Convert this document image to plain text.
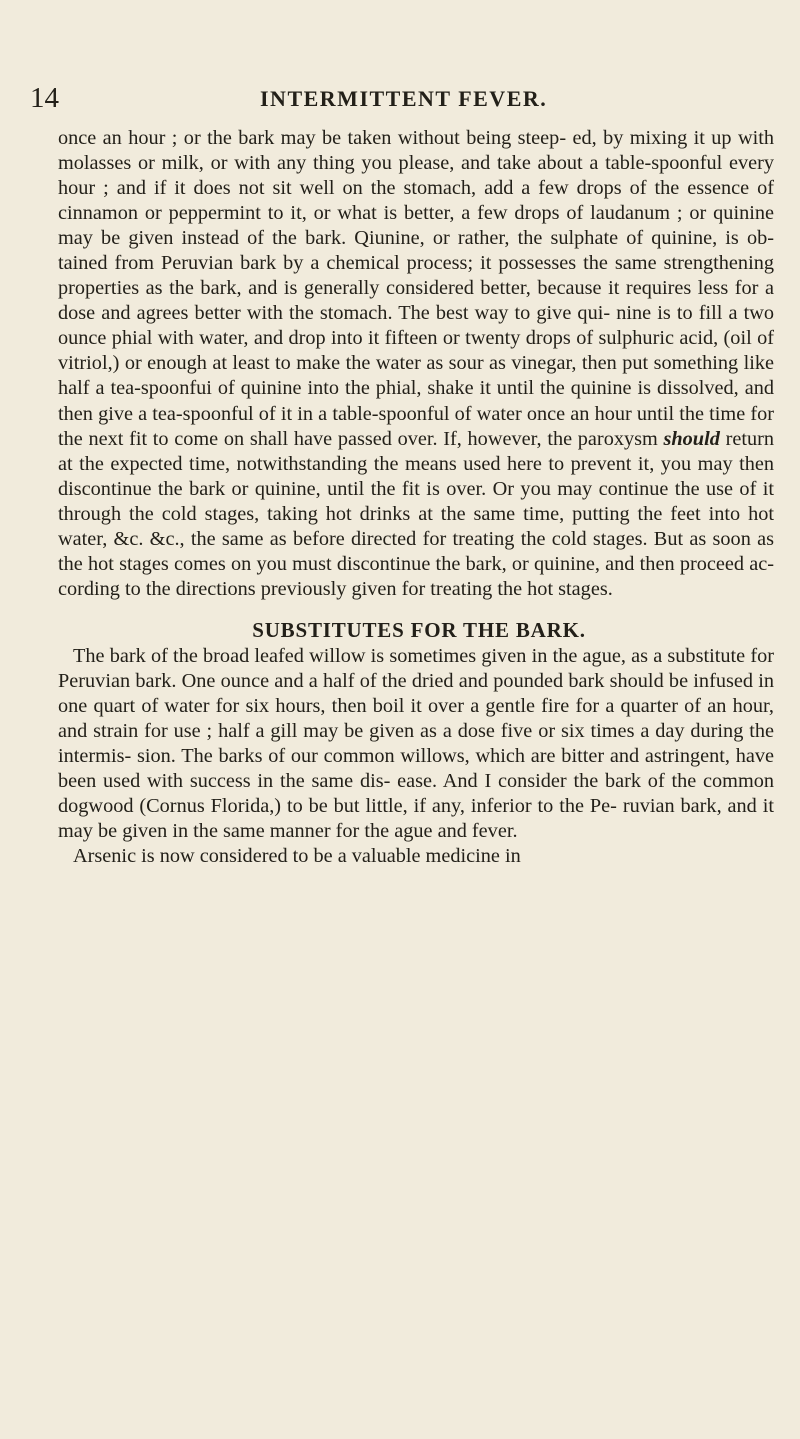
14	INTERMITTENT FEVER.

once an hour ; or the bark may be taken without being steep- ed, by mixing it up with molasses or milk, or with any thing you please, and take about a table-spoonful every hour ; and if it does not sit well on the stomach, add a few drops of the essence of cinnamon or peppermint to it, or what is better, a few drops of laudanum ; or quinine may be given instead of the bark. Qiunine, or rather, the sulphate of quinine, is ob- tained from Peruvian bark by a chemical process; it possesses the same strengthening properties as the bark, and is generally considered better, because it requires less for a dose and agrees better with the stomach. The best way to give qui- nine is to fill a two ounce phial with water, and drop into it fifteen or twenty drops of sulphuric acid, (oil of vitriol,) or enough at least to make the water as sour as vinegar, then put something like half a tea-spoonfui of quinine into the phial, shake it until the quinine is dissolved, and then give a tea-spoonful of it in a table-spoonful of water once an hour until the time for the next fit to come on shall have passed over. If, however, the paroxysm should return at the expected time, notwithstanding the means used here to prevent it, you may then discontinue the bark or quinine, until the fit is over. Or you may continue the use of it through the cold stages, taking hot drinks at the same time, putting the feet into hot water, &c. &c., the same as before directed for treating the cold stages. But as soon as the hot stages comes on you must discontinue the bark, or quinine, and then proceed ac- cording to the directions previously given for treating the hot stages.

SUBSTITUTES FOR THE BARK.

The bark of the broad leafed willow is sometimes given in the ague, as a substitute for Peruvian bark. One ounce and a half of the dried and pounded bark should be infused in one quart of water for six hours, then boil it over a gentle fire for a quarter of an hour, and strain for use ; half a gill may be given as a dose five or six times a day during the intermis- sion. The barks of our common willows, which are bitter and astringent, have been used with success in the same dis- ease. And I consider the bark of the common dogwood (Cornus Florida,) to be but little, if any, inferior to the Pe- ruvian bark, and it may be given in the same manner for the ague and fever.

Arsenic is now considered to be a valuable medicine in
